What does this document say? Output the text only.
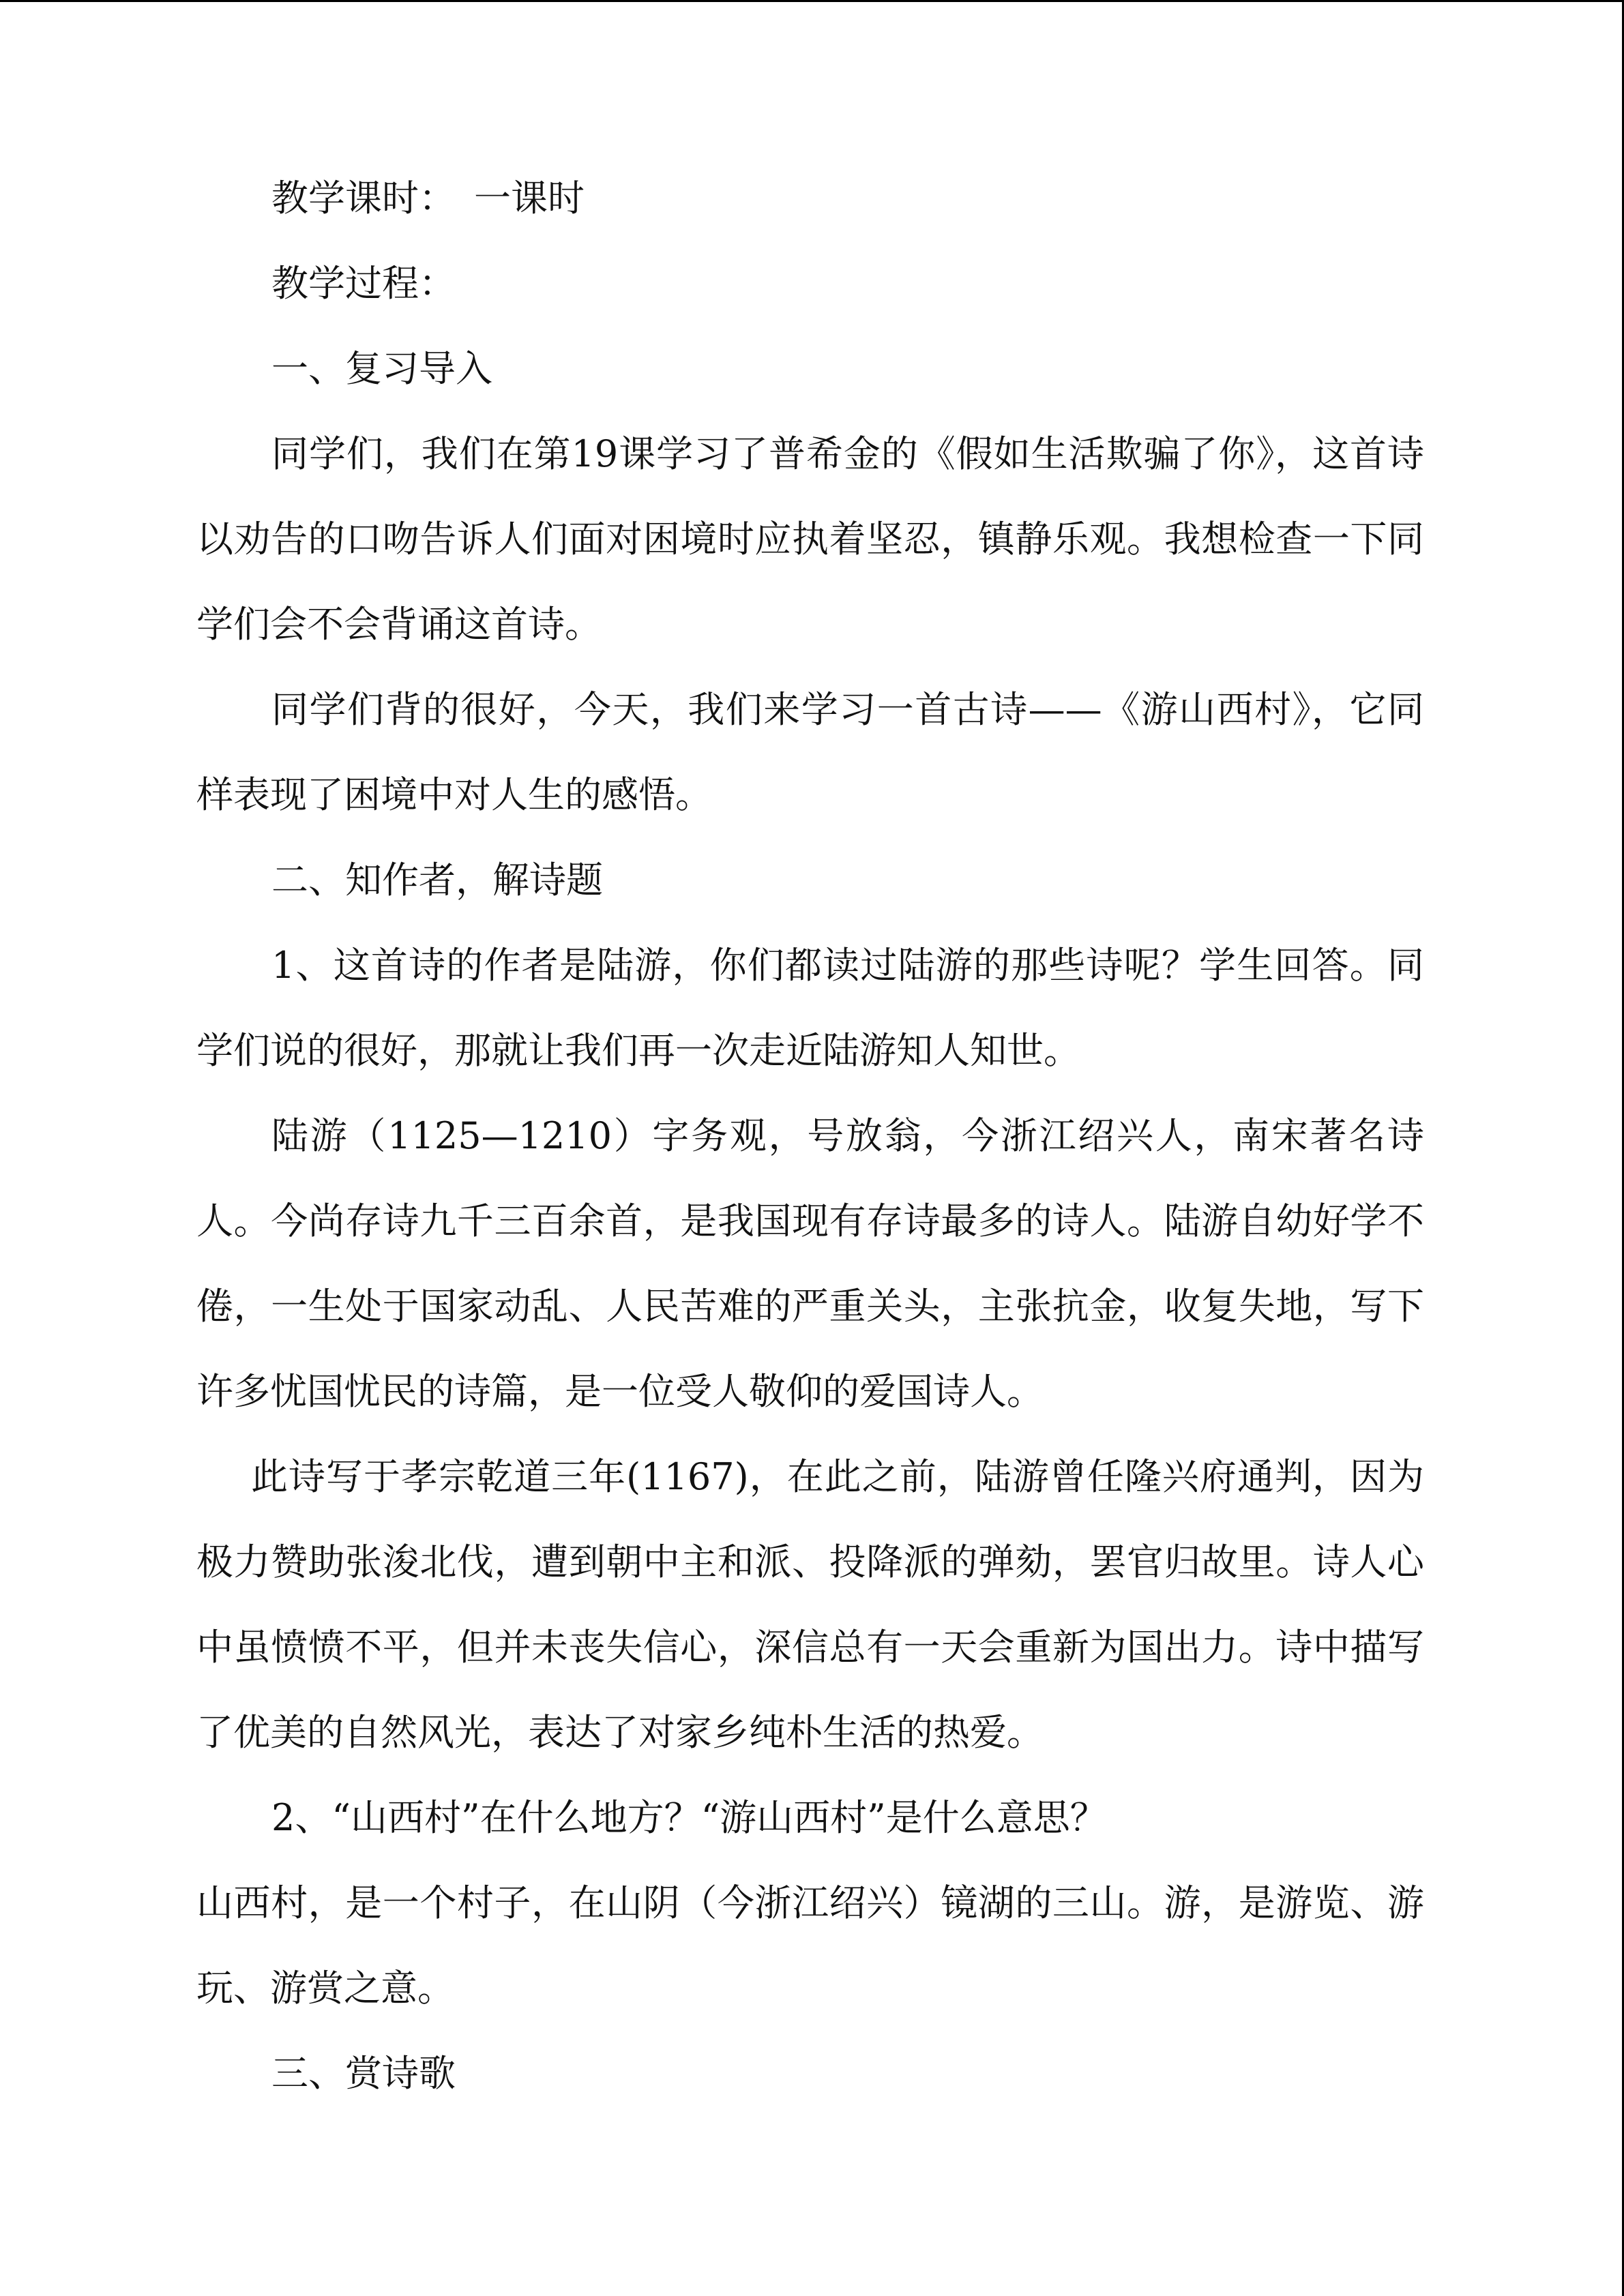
教学课时：　一课时

教学过程：

一、复习导入

同学们，我们在第19课学习了普希金的《假如生活欺骗了你》，这首诗以劝告的口吻告诉人们面对困境时应执着坚忍，镇静乐观。我想检查一下同学们会不会背诵这首诗。

同学们背的很好，今天，我们来学习一首古诗——《游山西村》，它同样表现了困境中对人生的感悟。

二、知作者，解诗题

1、这首诗的作者是陆游，你们都读过陆游的那些诗呢？学生回答。同学们说的很好，那就让我们再一次走近陆游知人知世。

陆游（1125—1210）字务观，号放翁，今浙江绍兴人，南宋著名诗人。今尚存诗九千三百余首，是我国现有存诗最多的诗人。陆游自幼好学不倦，一生处于国家动乱、人民苦难的严重关头，主张抗金，收复失地，写下许多忧国忧民的诗篇，是一位受人敬仰的爱国诗人。

此诗写于孝宗乾道三年(1167)，在此之前，陆游曾任隆兴府通判，因为极力赞助张浚北伐，遭到朝中主和派、投降派的弹劾，罢官归故里。诗人心中虽愤愤不平，但并未丧失信心，深信总有一天会重新为国出力。诗中描写了优美的自然风光，表达了对家乡纯朴生活的热爱。

2、“山西村”在什么地方？“游山西村”是什么意思？

山西村，是一个村子，在山阴（今浙江绍兴）镜湖的三山。游，是游览、游玩、游赏之意。

三、赏诗歌
